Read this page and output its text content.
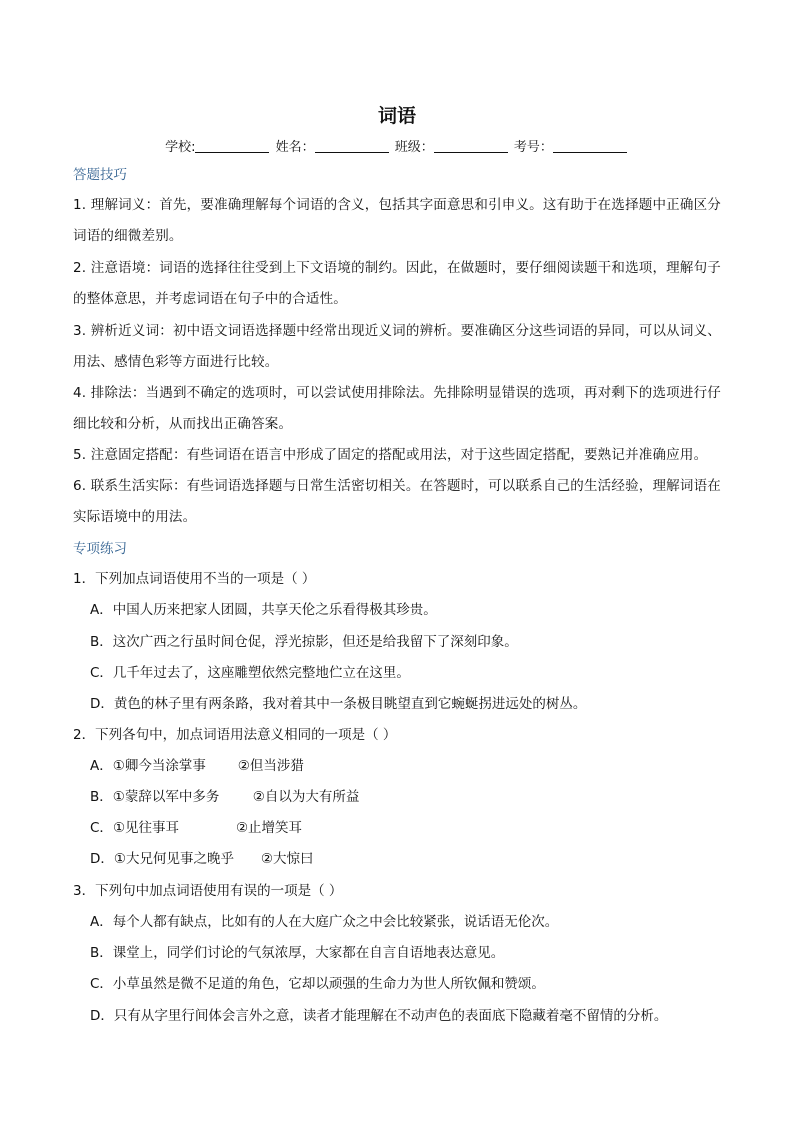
词语
学校:	姓名：	班级：	考号：
答题技巧
1. 理解词义：首先，要准确理解每个词语的含义，包括其字面意思和引申义。这有助于在选择题中正确区分词语的细微差别。
2. 注意语境：词语的选择往往受到上下文语境的制约。因此，在做题时，要仔细阅读题干和选项，理解句子的整体意思，并考虑词语在句子中的合适性。
3. 辨析近义词：初中语文词语选择题中经常出现近义词的辨析。要准确区分这些词语的异同，可以从词义、用法、感情色彩等方面进行比较。
4. 排除法：当遇到不确定的选项时，可以尝试使用排除法。先排除明显错误的选项，再对剩下的选项进行仔细比较和分析，从而找出正确答案。
5. 注意固定搭配：有些词语在语言中形成了固定的搭配或用法，对于这些固定搭配，要熟记并准确应用。
6. 联系生活实际：有些词语选择题与日常生活密切相关。在答题时，可以联系自己的生活经验，理解词语在实际语境中的用法。
专项练习
1．下列加点词语使用不当的一项是（ ）
A．中国人历来把家人团圆，共享天伦之乐看得极其珍贵。
B．这次广西之行虽时间仓促，浮光掠影，但还是给我留下了深刻印象。
C．几千年过去了，这座雕塑依然完整地伫立在这里。
D．黄色的林子里有两条路，我对着其中一条极目眺望直到它蜿蜒拐进远处的树丛。
2．下列各句中，加点词语用法意义相同的一项是（ ）
A．①卿今当涂掌事 ②但当涉猎
B．①蒙辞以军中多务 ②自以为大有所益
C．①见往事耳	②止增笑耳
D．①大兄何见事之晚乎 ②大惊曰
3．下列句中加点词语使用有误的一项是（ ）
A．每个人都有缺点，比如有的人在大庭广众之中会比较紧张，说话语无伦次。
B．课堂上，同学们讨论的气氛浓厚，大家都在自言自语地表达意见。
C．小草虽然是微不足道的角色，它却以顽强的生命力为世人所钦佩和赞颂。
D．只有从字里行间体会言外之意，读者才能理解在不动声色的表面底下隐藏着毫不留情的分析。
